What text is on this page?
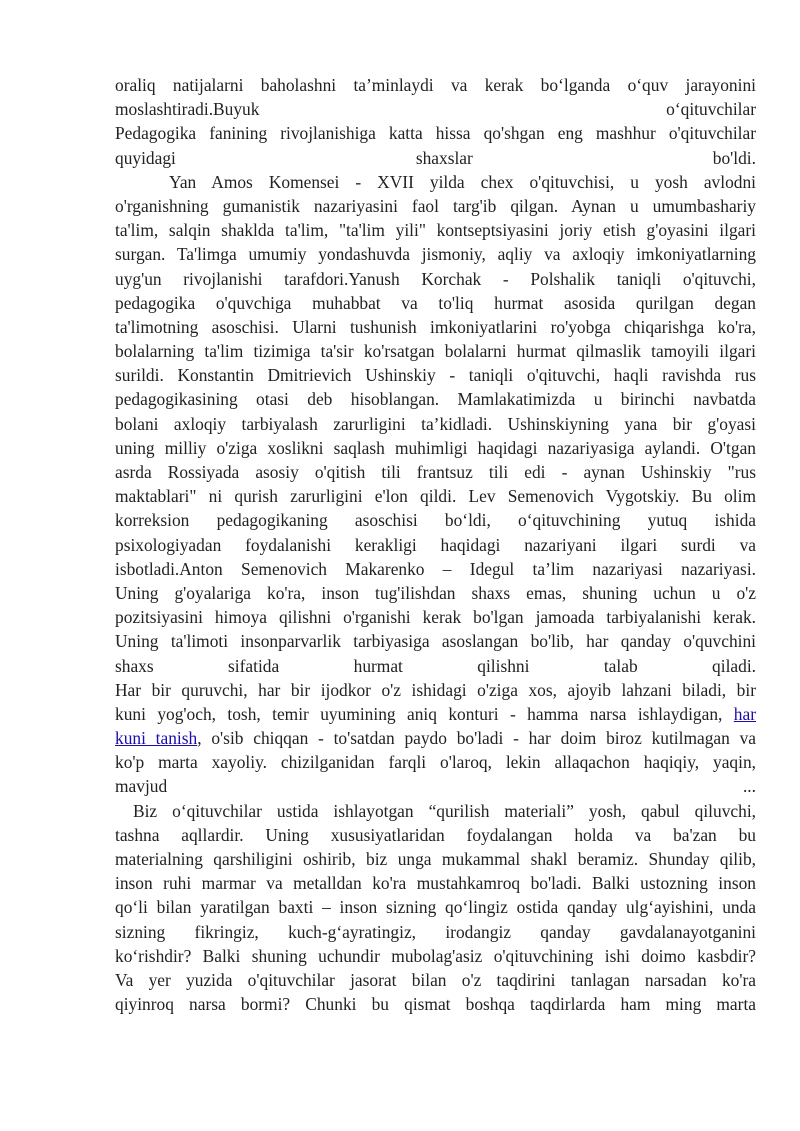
oraliq natijalarni baholashni ta’minlaydi va kerak bo‘lganda o‘quv jarayonini
moslashtiradi.Buyuk o‘qituvchilar
Pedagogika fanining rivojlanishiga katta hissa qo'shgan eng mashhur o'qituvchilar
quyidagi shaxslar bo'ldi.
Yan Amos Komensei - XVII yilda chex o'qituvchisi, u yosh avlodni
o'rganishning gumanistik nazariyasini faol targ'ib qilgan. Aynan u umumbashariy
ta'lim, salqin shaklda ta'lim, "ta'lim yili" kontseptsiyasini joriy etish g'oyasini ilgari
surgan. Ta'limga umumiy yondashuvda jismoniy, aqliy va axloqiy imkoniyatlarning
uyg'un rivojlanishi tarafdori.Yanush Korchak - Polshalik taniqli o'qituvchi,
pedagogika o'quvchiga muhabbat va to'liq hurmat asosida qurilgan degan
ta'limotning asoschisi. Ularni tushunish imkoniyatlarini ro'yobga chiqarishga ko'ra,
bolalarning ta'lim tizimiga ta'sir ko'rsatgan bolalarni hurmat qilmaslik tamoyili ilgari
surildi. Konstantin Dmitrievich Ushinskiy - taniqli o'qituvchi, haqli ravishda rus
pedagogikasining otasi deb hisoblangan. Mamlakatimizda u birinchi navbatda
bolani axloqiy tarbiyalash zarurligini ta’kidladi. Ushinskiyning yana bir g'oyasi
uning milliy o'ziga xoslikni saqlash muhimligi haqidagi nazariyasiga aylandi. O'tgan
asrda Rossiyada asosiy o'qitish tili frantsuz tili edi - aynan Ushinskiy "rus
maktablari" ni qurish zarurligini e'lon qildi. Lev Semenovich Vygotskiy. Bu olim
korreksion pedagogikaning asoschisi bo‘ldi, o‘qituvchining yutuq ishida
psixologiyadan foydalanishi kerakligi haqidagi nazariyani ilgari surdi va
isbotladi.Anton Semenovich Makarenko – Idegul ta’lim nazariyasi nazariyasi.
Uning g'oyalariga ko'ra, inson tug'ilishdan shaxs emas, shuning uchun u o'z
pozitsiyasini himoya qilishni o'rganishi kerak bo'lgan jamoada tarbiyalanishi kerak.
Uning ta'limoti insonparvarlik tarbiyasiga asoslangan bo'lib, har qanday o'quvchini
shaxs sifatida hurmat qilishni talab qiladi.
Har bir quruvchi, har bir ijodkor o'z ishidagi o'ziga xos, ajoyib lahzani biladi, bir
kuni yog'och, tosh, temir uyumining aniq konturi - hamma narsa ishlaydigan, har
kuni tanish, o'sib chiqqan - to'satdan paydo bo'ladi - har doim biroz kutilmagan va
ko'p marta xayoliy. chizilganidan farqli o'laroq, lekin allaqachon haqiqiy, yaqin,
mavjud ...
Biz o‘qituvchilar ustida ishlayotgan “qurilish materiali” yosh, qabul qiluvchi,
tashna aqllardir. Uning xususiyatlaridan foydalangan holda va ba'zan bu
materialning qarshiligini oshirib, biz unga mukammal shakl beramiz. Shunday qilib,
inson ruhi marmar va metalldan ko'ra mustahkamroq bo'ladi. Balki ustozning inson
qo‘li bilan yaratilgan baxti – inson sizning qo‘lingiz ostida qanday ulg‘ayishini, unda
sizning fikringiz, kuch-g‘ayratingiz, irodangiz qanday gavdalanayotganini
ko‘rishdir? Balki shuning uchundir mubolag'asiz o'qituvchining ishi doimo kasbdir?
Va yer yuzida o'qituvchilar jasorat bilan o'z taqdirini tanlagan narsadan ko'ra
qiyinroq narsa bormi? Chunki bu qismat boshqa taqdirlarda ham ming marta
